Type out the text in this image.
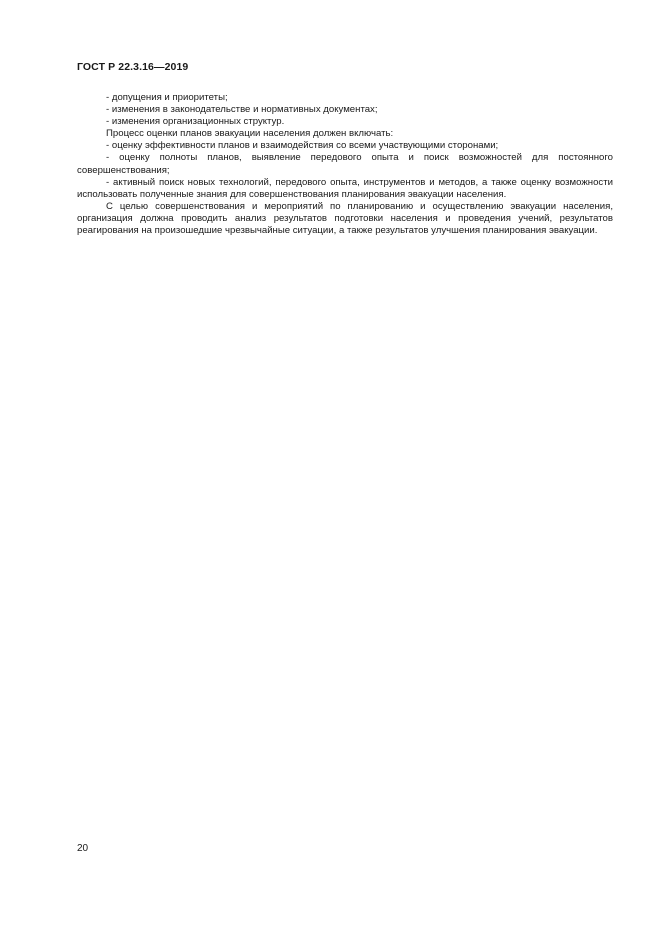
ГОСТ Р 22.3.16—2019

- допущения и приоритеты;

- изменения в законодательстве и нормативных документах;

- изменения организационных структур.

Процесс оценки планов эвакуации населения должен включать:

- оценку эффективности планов и взаимодействия со всеми участвующими сторонами;

- оценку полноты планов, выявление передового опыта и поиск возможностей для постоянного совершенствования;

- активный поиск новых технологий, передового опыта, инструментов и методов, а также оценку возможности использовать полученные знания для совершенствования планирования эвакуации населения.

С целью совершенствования и мероприятий по планированию и осуществлению эвакуации населения, организация должна проводить анализ результатов подготовки населения и проведения учений, результатов реагирования на произошедшие чрезвычайные ситуации, а также результатов улучшения планирования эвакуации.

20
